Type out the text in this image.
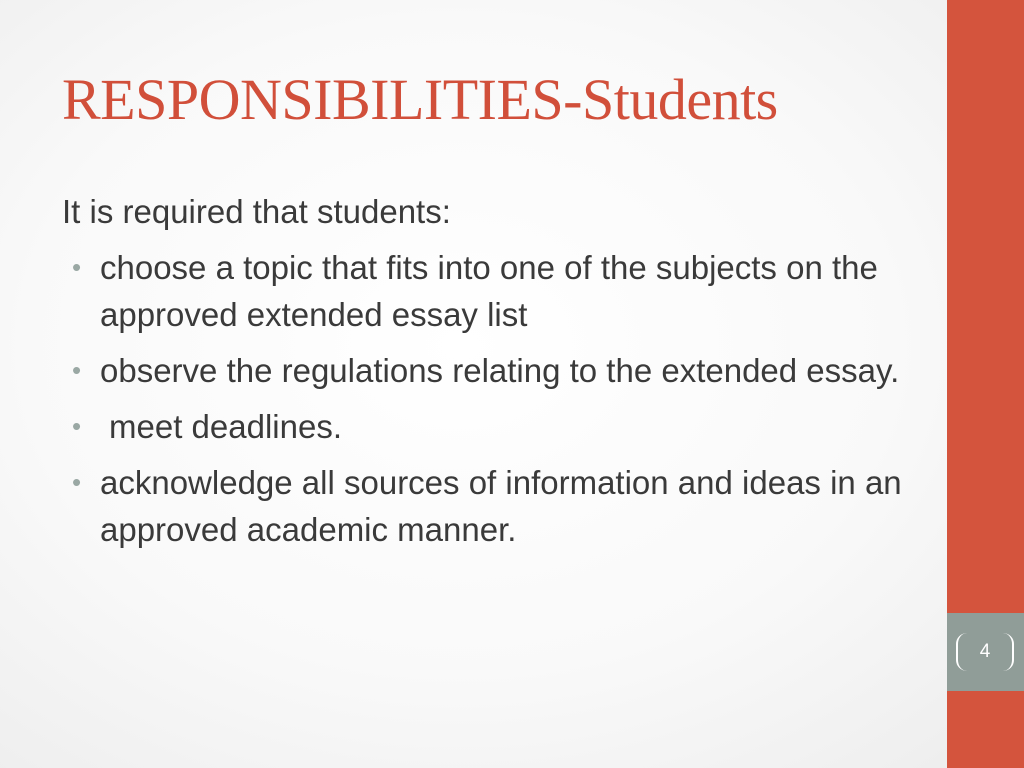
RESPONSIBILITIES-Students

It is required that students:

• choose a topic that fits into one of the subjects on the approved extended essay list
• observe the regulations relating to the extended essay.
• meet deadlines.
• acknowledge all sources of information and ideas in an approved academic manner.
4
